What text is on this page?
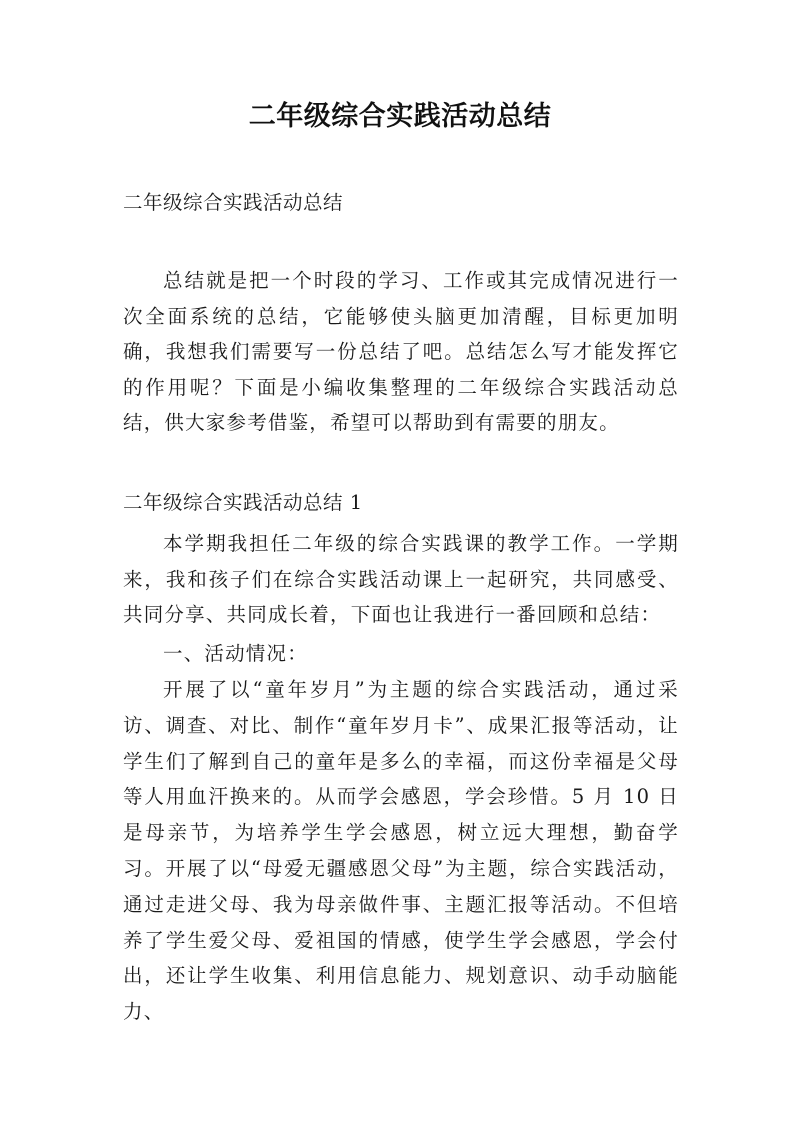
二年级综合实践活动总结
二年级综合实践活动总结

总结就是把一个时段的学习、工作或其完成情况进行一次全面系统的总结，它能够使头脑更加清醒，目标更加明确，我想我们需要写一份总结了吧。总结怎么写才能发挥它的作用呢？下面是小编收集整理的二年级综合实践活动总结，供大家参考借鉴，希望可以帮助到有需要的朋友。

二年级综合实践活动总结 1

本学期我担任二年级的综合实践课的教学工作。一学期来，我和孩子们在综合实践活动课上一起研究，共同感受、共同分享、共同成长着，下面也让我进行一番回顾和总结：

一、活动情况：

开展了以“童年岁月”为主题的综合实践活动，通过采访、调查、对比、制作“童年岁月卡”、成果汇报等活动，让学生们了解到自己的童年是多么的幸福，而这份幸福是父母等人用血汗换来的。从而学会感恩，学会珍惜。5 月 10 日是母亲节，为培养学生学会感恩，树立远大理想，勤奋学习。开展了以“母爱无疆感恩父母”为主题，综合实践活动，通过走进父母、我为母亲做件事、主题汇报等活动。不但培养了学生爱父母、爱祖国的情感，使学生学会感恩，学会付出，还让学生收集、利用信息能力、规划意识、动手动脑能力、
